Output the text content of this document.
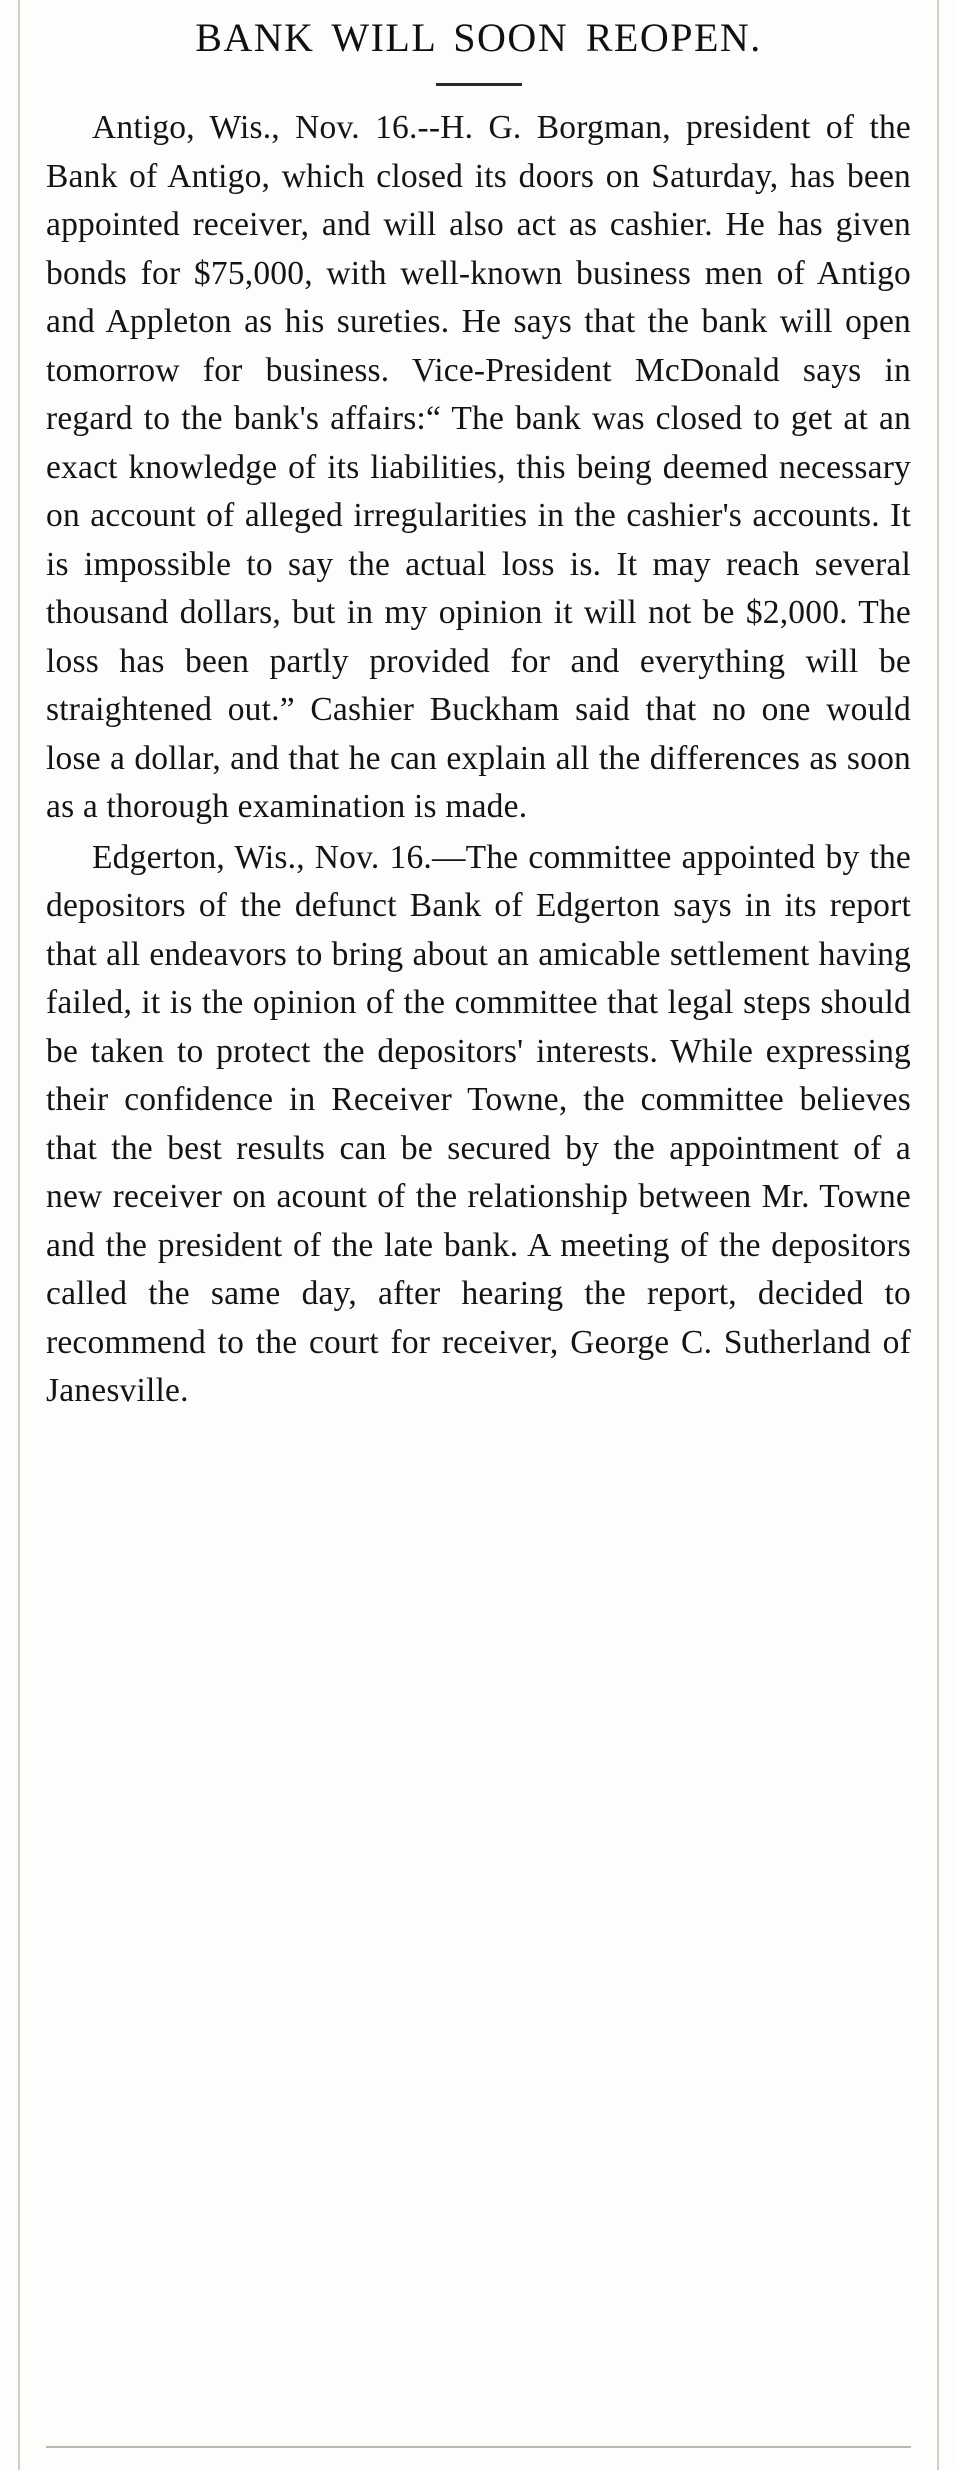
BANK WILL SOON REOPEN.

Antigo, Wis., Nov. 16.--H. G. Borgman, president of the Bank of Antigo, which closed its doors on Saturday, has been appointed receiver, and will also act as cashier. He has given bonds for $75,000, with well-known business men of Antigo and Appleton as his sureties. He says that the bank will open tomorrow for business. Vice-President McDonald says in regard to the bank's affairs:“ The bank was closed to get at an exact knowledge of its liabilities, this being deemed necessary on account of alleged irregularities in the cashier's accounts. It is impossible to say the actual loss is. It may reach several thousand dollars, but in my opinion it will not be $2,000. The loss has been partly provided for and everything will be straightened out.” Cashier Buckham said that no one would lose a dollar, and that he can explain all the differences as soon as a thorough examination is made.

Edgerton, Wis., Nov. 16.—The committee appointed by the depositors of the defunct Bank of Edgerton says in its report that all endeavors to bring about an amicable settlement having failed, it is the opinion of the committee that legal steps should be taken to protect the depositors' interests. While expressing their confidence in Receiver Towne, the committee believes that the best results can be secured by the appointment of a new receiver on acount of the relationship between Mr. Towne and the president of the late bank. A meeting of the depositors called the same day, after hearing the report, decided to recommend to the court for receiver, George C. Sutherland of Janesville.
